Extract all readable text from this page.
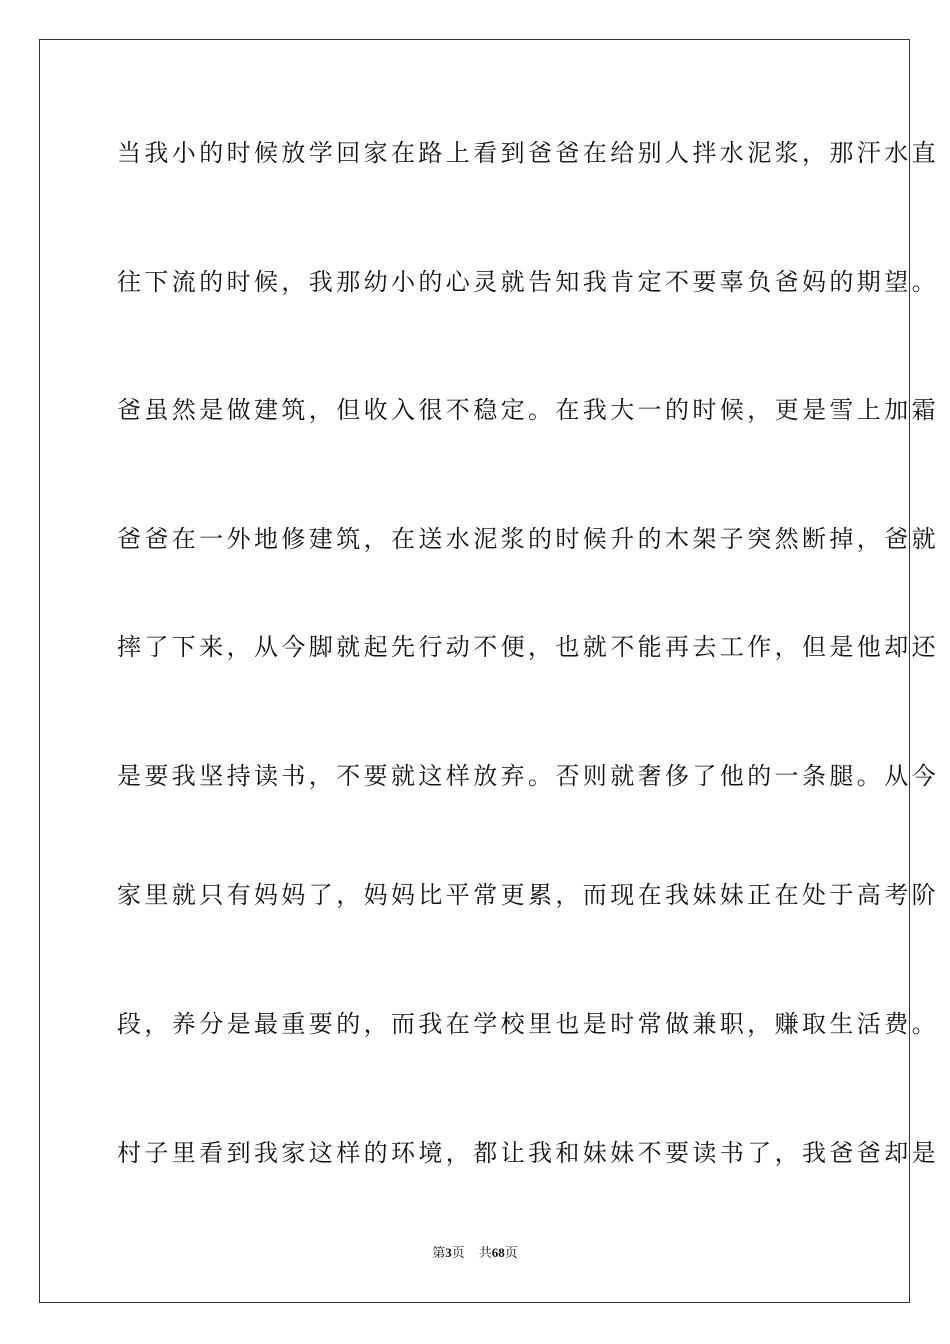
当我小的时候放学回家在路上看到爸爸在给别人拌水泥浆，那汗水直
往下流的时候，我那幼小的心灵就告知我肯定不要辜负爸妈的期望。
爸虽然是做建筑，但收入很不稳定。在我大一的时候，更是雪上加霜
爸爸在一外地修建筑，在送水泥浆的时候升的木架子突然断掉，爸就
摔了下来，从今脚就起先行动不便，也就不能再去工作，但是他却还
是要我坚持读书，不要就这样放弃。否则就奢侈了他的一条腿。从今
家里就只有妈妈了，妈妈比平常更累，而现在我妹妹正在处于高考阶
段，养分是最重要的，而我在学校里也是时常做兼职，赚取生活费。
村子里看到我家这样的环境，都让我和妹妹不要读书了，我爸爸却是
第3页 共68页
